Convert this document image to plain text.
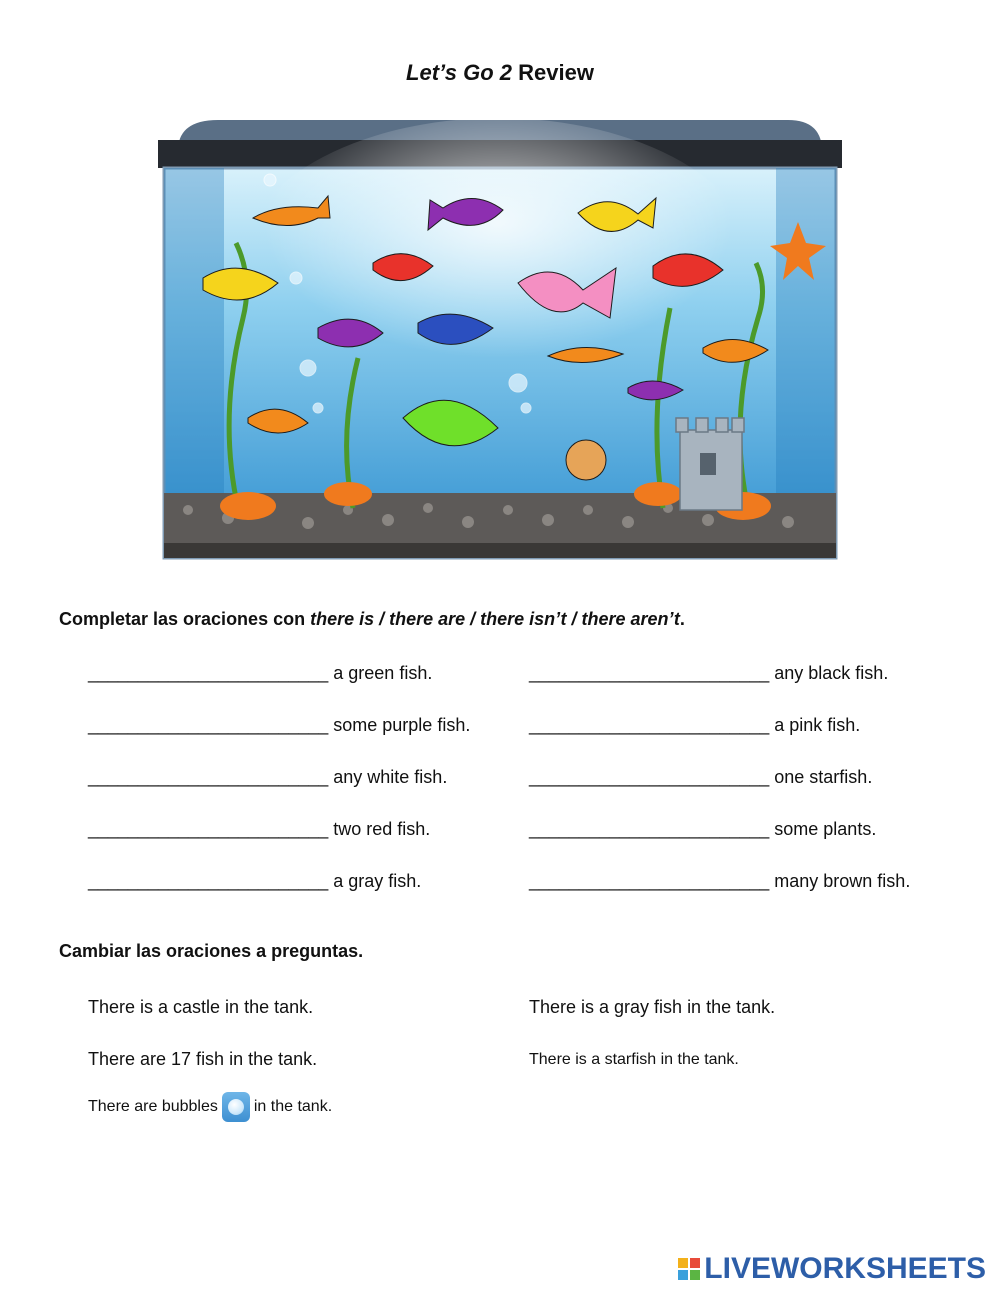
Let’s Go 2 Review
Completar las oraciones con there is / there are / there isn’t / there aren’t.
________________________ a green fish.
________________________ some purple fish.
________________________ any white fish.
________________________ two red fish.
________________________ a gray fish.
________________________ any black fish.
________________________ a pink fish.
________________________ one starfish.
________________________ some plants.
________________________ many brown fish.
Cambiar las oraciones a preguntas.
There is a castle in the tank.	There is a gray fish in the tank.
There are 17 fish in the tank.	There is a starfish in the tank.
There are bubbles in the tank.
LIVEWORKSHEETS
